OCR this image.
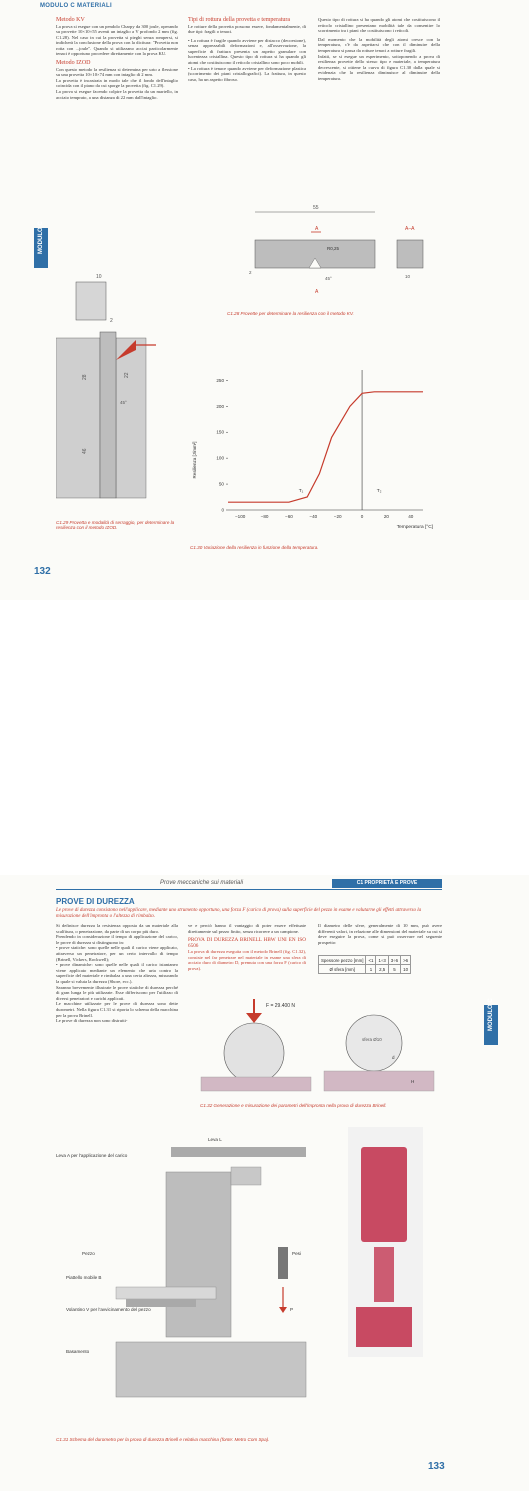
MODULO C MATERIALI
MODULO C
Metodo KV

La prova si esegue con un pendolo Charpy da 300 joule, operando su provette 10×10×55 aventi un intaglio a V profondo 2 mm (fig. C1.28). Nel caso in cui la provetta si pieghi senza rompersi, si indicherà la conclusione della prova con la dicitura: "Provetta non rotta con ...joule". Quando si utilizzano acciai particolarmente tenaci è opportuno procedere direttamente con la prova KU.

Metodo IZOD

Con questo metodo la resilienza si determina per urto a flessione su una provetta 10×10×74 mm con intaglio di 2 mm.

La provetta è incastrata in modo tale che il fondo dell'intaglio coincida con il piano da cui sporge la provetta (fig. C1.29).

La prova si esegue facendo colpire la provetta da un martello, in acciaio temprato, a una distanza di 22 mm dall'intaglio.

Tipi di rottura della provetta e temperatura

Le rotture della provetta possono essere, fondamentalmente, di due tipi: fragili o tenaci.

• La rottura è fragile quando avviene per distacco (decoesione), senza apprezzabili deformazioni e, all'osservazione, la superficie di frattura presenta un aspetto granulare con lucentezza cristallina. Questo tipo di rottura si ha quando gli atomi che costituiscono il reticolo cristallino sono poco mobili.

• La rottura è tenace quando avviene per deformazione plastica (scorrimento dei piani cristallografici). La frattura, in questo caso, ha un aspetto fibroso.

Questo tipo di rottura si ha quando gli atomi che costituiscono il reticolo cristallino presentano mobilità tale da consentire lo scorrimento tra i piani che costituiscono i reticoli.

Dal momento che la mobilità degli atomi cresce con la temperatura, c'è da aspettarsi che con il diminuire della temperatura si passa da rotture tenaci a rotture fragili.

Infatti, se si esegue un esperimento, sottoponendo a prova di resilienza provette dello stesso tipo e materiale, a temperatura decrescente, si ottiene la curva di figura C1.30 dalla quale si evidenzia che la resilienza diminuisce al diminuire della temperatura.

55
A
R0,25
2
45°
A
A–A
10
C1.28 Provette per determinare la resilienza con il metodo KV.
10
2
28	22
45°
46
C1.29 Provetta e modalità di serraggio, per determinare la resilienza con il metodo IZOD.
Resilienza [J/mm²]
Temperatura [°C]
−100	−80	−60	−40	−20	0	20	40
0
50
100
150
200
250
T₁	T₂
C1.30 Variazione della resilienza in funzione della temperatura.
132
Prove meccaniche sui materiali	C1 PROPRIETÀ E PROVE
MODULO C
PROVE DI DUREZZA
Le prove di durezza consistono nell'applicare, mediante uno strumento opportuno, una forza F (carico di prova) sulla superficie del pezzo in esame e valutarne gli effetti attraverso la misurazione dell'impronta o l'altezza di rimbalzo.

Si definisce durezza la resistenza opposta da un materiale alla scalfitura, o penetrazione, da parte di un corpo più duro.

Prendendo in considerazione il tempo di applicazione del carico, le prove di durezza si distinguono in:

• prove statiche: sono quelle nelle quali il carico viene applicato, attraverso un penetratore, per un certo intervallo di tempo (Brinell, Vickers, Rockwell);

• prove dinamiche: sono quelle nelle quali il carico istantaneo viene applicato mediante un elemento che urta contro la superficie del materiale e rimbalza a una certa altezza, misurando la quale si valuta la durezza (Shore, ecc.).

Saranno brevemente illustrate le prove statiche di durezza perché di gran lunga le più utilizzate. Esse differiscono per l'utilizzo di diversi penetratori e carichi applicati.

Le macchine utilizzate per le prove di durezza sono dette durometri. Nella figura C1.31 si riporta lo schema della macchina per la prova Brinell.

Le prove di durezza non sono distrutti-

ve e perciò hanno il vantaggio di poter essere effettuate direttamente sul pezzo finito, senza ricorrere a un campione.

PROVA DI DUREZZA BRINELL HBW UNI EN ISO 6506

La prova di durezza eseguita con il metodo Brinell (fig. C1.32), consiste nel far penetrare nel materiale in esame una sfera di acciaio duro di diametro D, premuta con una forza F (carico di prova).

Il diametro delle sfere, generalmente di 10 mm, può avere differenti valori, in relazione alle dimensioni del materiale su cui si deve eseguire la prova, come si può osservare nel seguente prospetto:

Spessore pezzo [mm]	<1	1÷3	3÷6	>6
Ø sfera [mm]	1	2,5	5	10
F = 29.400 N
sfera Ø10
d
H
C1.32 Generazione e misurazione dei parametri dell'impronta nella prova di durezza Brinell.
Leva L
Leva A per l'applicazione del carico
Pezzo
Piattello mobile B
Volantino V per l'avvicinamento del pezzo
Basamento
Pesi
P
C1.31 Schema del durometro per la prova di durezza Brinell e relativa macchina (fonte: Metro Com Spa).
133
